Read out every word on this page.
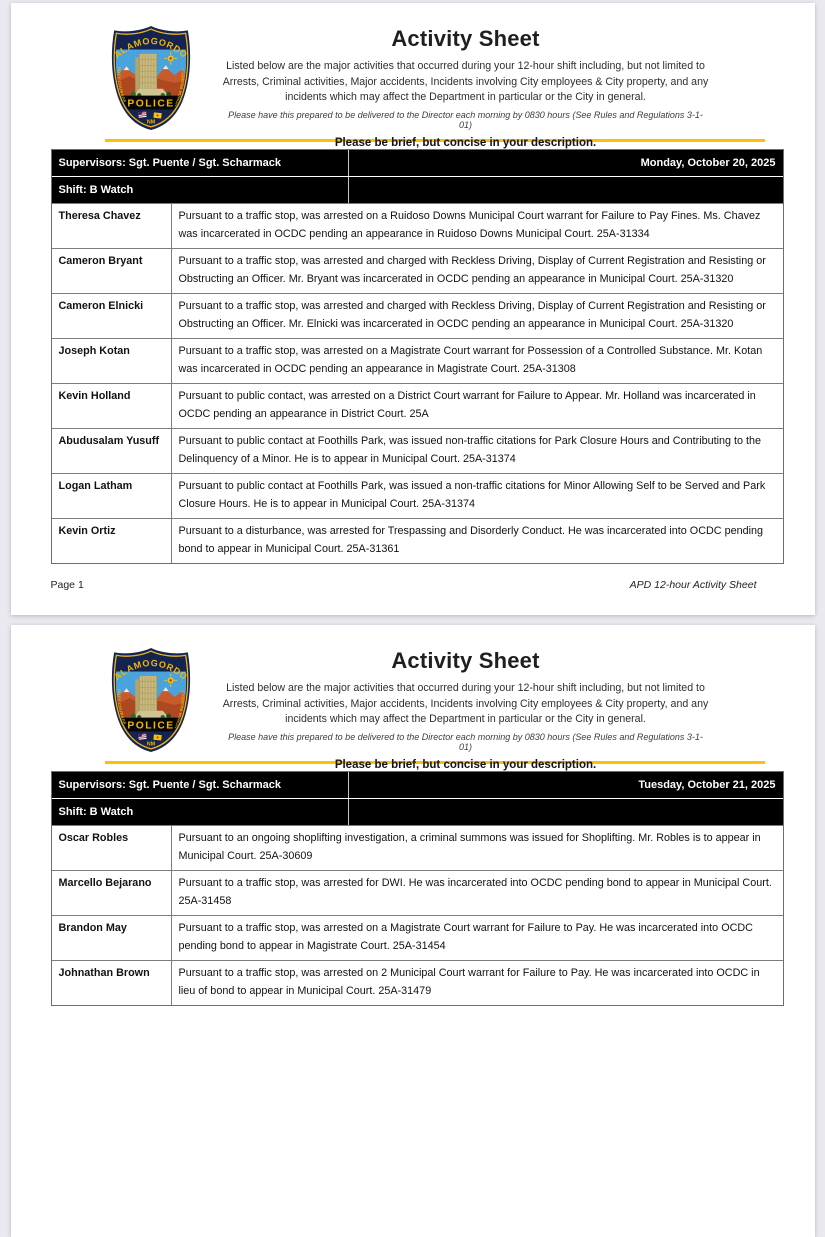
Activity Sheet

Listed below are the major activities that occurred during your 12-hour shift including, but not limited to Arrests, Criminal activities, Major accidents, Incidents involving City employees & City property, and any incidents which may affect the Department in particular or the City in general.

Please have this prepared to be delivered to the Director each morning by 0830 hours (See Rules and Regulations 3-1-01)

Please be brief, but concise in your description.

Supervisors: Sgt. Puente / Sgt. Scharmack	Monday, October 20, 2025
Shift: B Watch
Theresa Chavez	Pursuant to a traffic stop, was arrested on a Ruidoso Downs Municipal Court warrant for Failure to Pay Fines. Ms. Chavez was incarcerated in OCDC pending an appearance in Ruidoso Downs Municipal Court. 25A-31334
Cameron Bryant	Pursuant to a traffic stop, was arrested and charged with Reckless Driving, Display of Current Registration and Resisting or Obstructing an Officer. Mr. Bryant was incarcerated in OCDC pending an appearance in Municipal Court. 25A-31320
Cameron Elnicki	Pursuant to a traffic stop, was arrested and charged with Reckless Driving, Display of Current Registration and Resisting or Obstructing an Officer. Mr. Elnicki was incarcerated in OCDC pending an appearance in Municipal Court. 25A-31320
Joseph Kotan	Pursuant to a traffic stop, was arrested on a Magistrate Court warrant for Possession of a Controlled Substance. Mr. Kotan was incarcerated in OCDC pending an appearance in Magistrate Court. 25A-31308
Kevin Holland	Pursuant to public contact, was arrested on a District Court warrant for Failure to Appear. Mr. Holland was incarcerated in OCDC pending an appearance in District Court. 25A
Abudusalam Yusuff	Pursuant to public contact at Foothills Park, was issued non-traffic citations for Park Closure Hours and Contributing to the Delinquency of a Minor. He is to appear in Municipal Court. 25A-31374
Logan Latham	Pursuant to public contact at Foothills Park, was issued a non-traffic citations for Minor Allowing Self to be Served and Park Closure Hours. He is to appear in Municipal Court. 25A-31374
Kevin Ortiz	Pursuant to a disturbance, was arrested for Trespassing and Disorderly Conduct. He was incarcerated into OCDC pending bond to appear in Municipal Court. 25A-31361
Page 1	APD 12-hour Activity Sheet
Activity Sheet

Listed below are the major activities that occurred during your 12-hour shift including, but not limited to Arrests, Criminal activities, Major accidents, Incidents involving City employees & City property, and any incidents which may affect the Department in particular or the City in general.

Please have this prepared to be delivered to the Director each morning by 0830 hours (See Rules and Regulations 3-1-01)

Please be brief, but concise in your description.

Supervisors: Sgt. Puente / Sgt. Scharmack	Tuesday, October 21, 2025
Shift: B Watch
Oscar Robles	Pursuant to an ongoing shoplifting investigation, a criminal summons was issued for Shoplifting. Mr. Robles is to appear in Municipal Court. 25A-30609
Marcello Bejarano	Pursuant to a traffic stop, was arrested for DWI. He was incarcerated into OCDC pending bond to appear in Municipal Court. 25A-31458
Brandon May	Pursuant to a traffic stop, was arrested on a Magistrate Court warrant for Failure to Pay. He was incarcerated into OCDC pending bond to appear in Magistrate Court. 25A-31454
Johnathan Brown	Pursuant to a traffic stop, was arrested on 2 Municipal Court warrant for Failure to Pay. He was incarcerated into OCDC in lieu of bond to appear in Municipal Court. 25A-31479
